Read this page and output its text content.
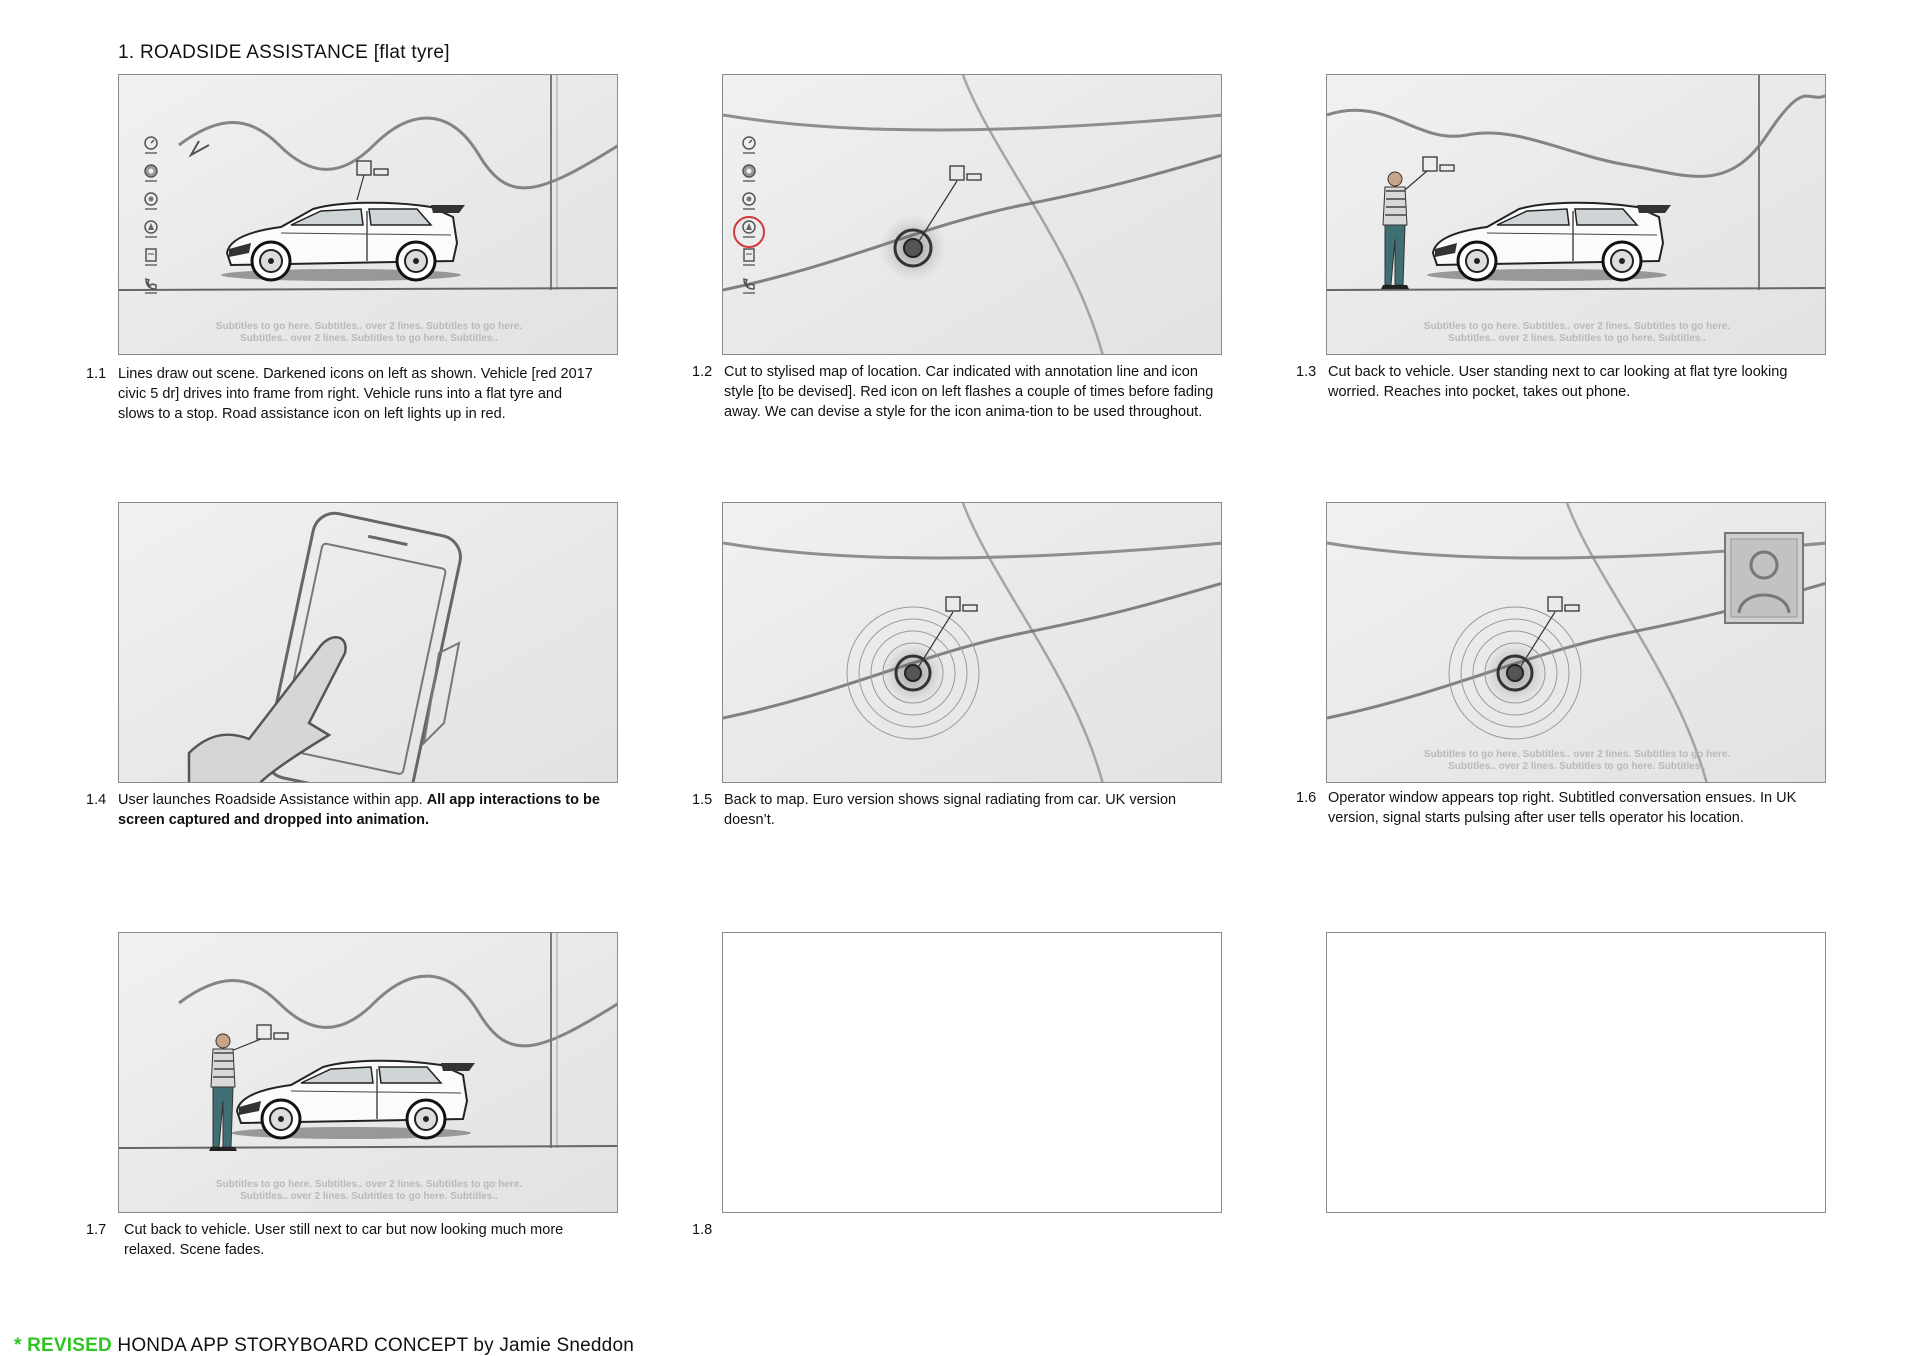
1. ROADSIDE ASSISTANCE [flat tyre]
Subtitles to go here. Subtitles.. over 2 lines. Subtitles to go here.
Subtitles.. over 2 lines. Subtitles to go here. Subtitles..
1.1 Lines draw out scene. Darkened icons on left as shown. Vehicle [red 2017 civic 5 dr] drives into frame from right. Vehicle runs into a flat tyre and slows to a stop. Road assistance icon on left lights up in red.
1.2 Cut to stylised map of location. Car indicated with annotation line and icon style [to be devised]. Red icon on left flashes a couple of times before fading away. We can devise a style for the icon anima-tion to be used throughout.
Subtitles to go here. Subtitles.. over 2 lines. Subtitles to go here.
Subtitles.. over 2 lines. Subtitles to go here. Subtitles..
1.3 Cut back to vehicle. User standing next to car looking at flat tyre looking worried. Reaches into pocket, takes out phone.
1.4 User launches Roadside Assistance within app. All app interactions to be screen captured and dropped into animation.
1.5 Back to map. Euro version shows signal radiating from car. UK version doesn’t.
Subtitles to go here. Subtitles.. over 2 lines. Subtitles to go here.
Subtitles.. over 2 lines. Subtitles to go here. Subtitles..
1.6 Operator window appears top right. Subtitled conversation ensues. In UK version, signal starts pulsing after user tells operator his location.
Subtitles to go here. Subtitles.. over 2 lines. Subtitles to go here.
Subtitles.. over 2 lines. Subtitles to go here. Subtitles..
1.7	Cut back to vehicle. User still next to car but now looking much more relaxed. Scene fades.
1.8
* REVISED HONDA APP STORYBOARD CONCEPT by Jamie Sneddon
